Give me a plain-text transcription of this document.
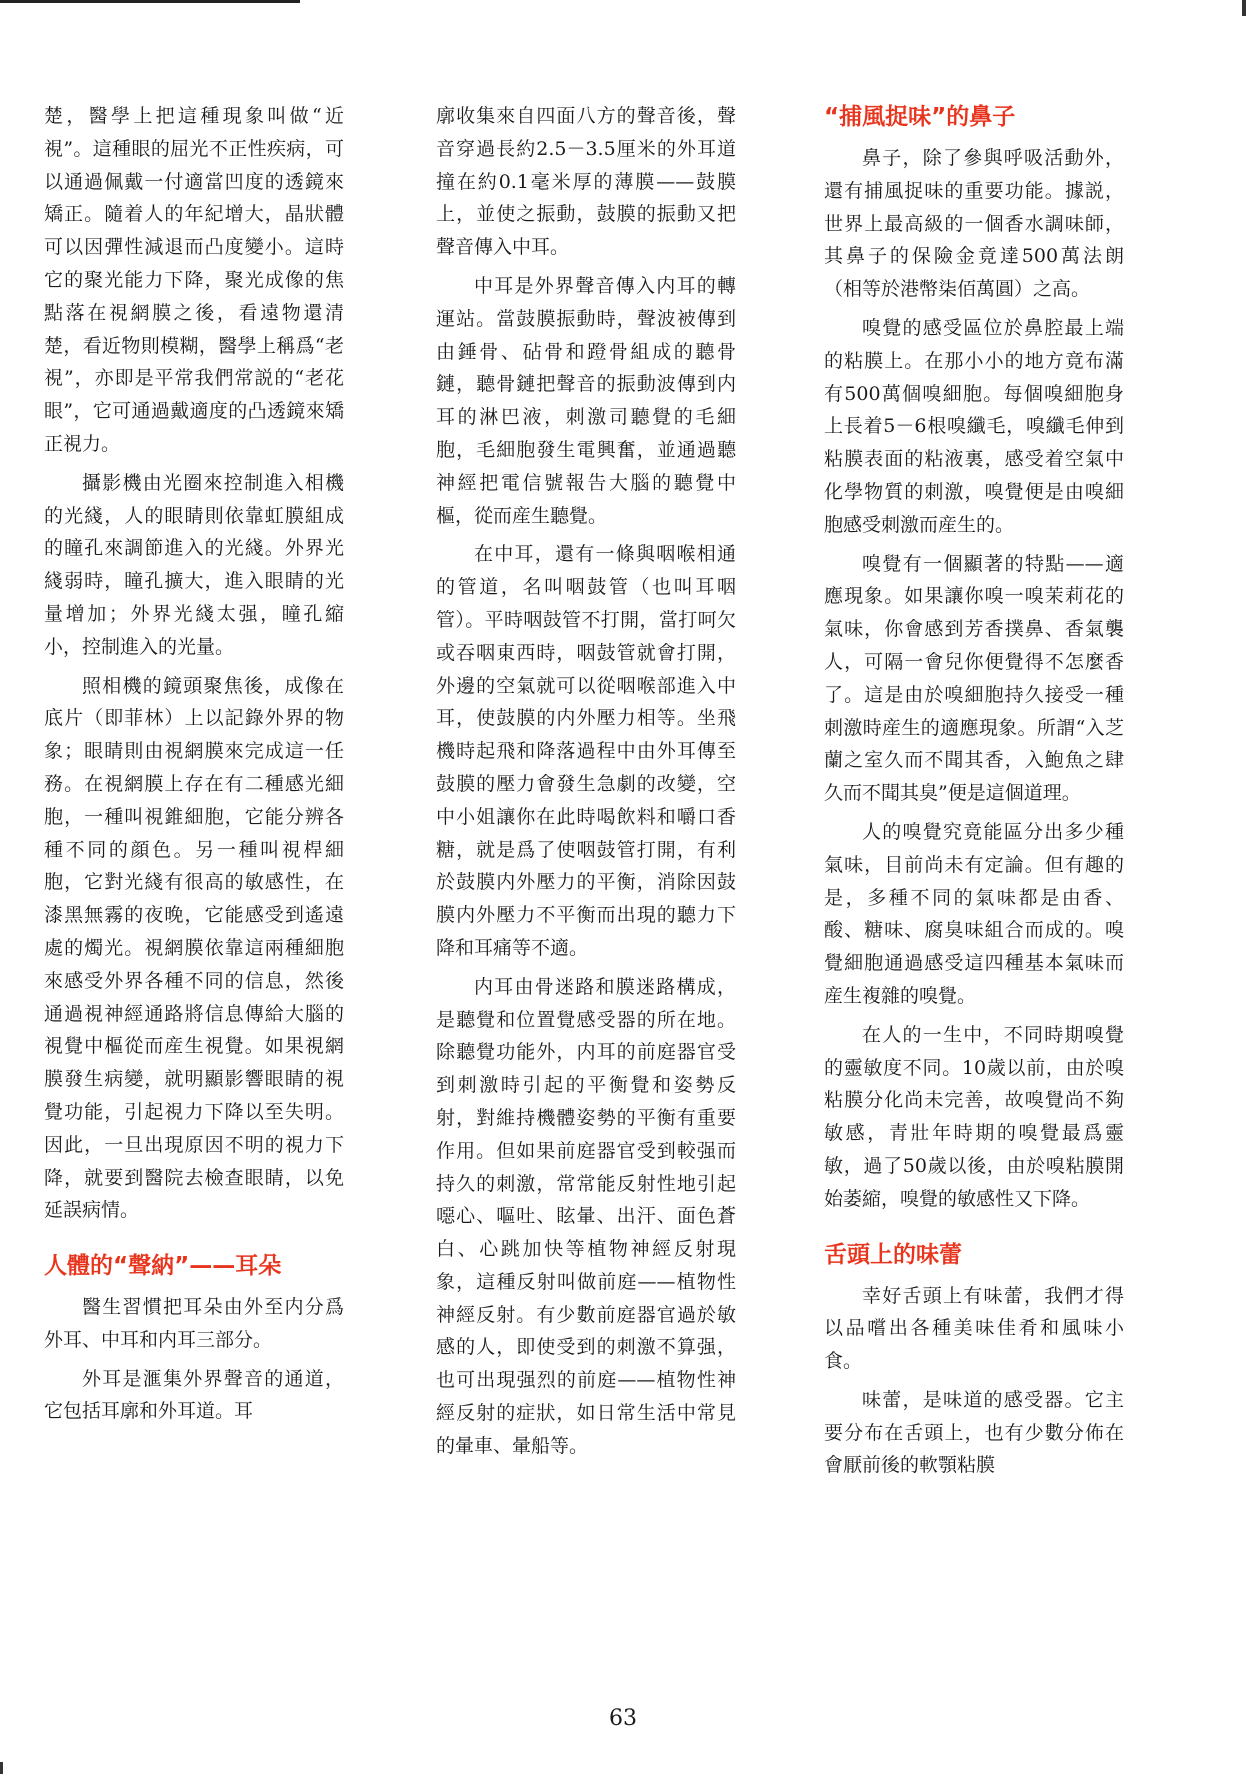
楚，醫學上把這種現象叫做“近視”。這種眼的屈光不正性疾病，可以通過佩戴一付適當凹度的透鏡來矯正。隨着人的年紀增大，晶狀體可以因彈性減退而凸度變小。這時它的聚光能力下降，聚光成像的焦點落在視網膜之後，看遠物還清楚，看近物則模糊，醫學上稱爲“老視”，亦即是平常我們常説的“老花眼”，它可通過戴適度的凸透鏡來矯正視力。

攝影機由光圈來控制進入相機的光綫，人的眼睛則依靠虹膜組成的瞳孔來調節進入的光綫。外界光綫弱時，瞳孔擴大，進入眼睛的光量增加；外界光綫太强，瞳孔縮小，控制進入的光量。

照相機的鏡頭聚焦後，成像在底片（即菲林）上以記錄外界的物象；眼睛則由視網膜來完成這一任務。在視網膜上存在有二種感光細胞，一種叫視錐細胞，它能分辨各種不同的顔色。另一種叫視桿細胞，它對光綫有很高的敏感性，在漆黑無霧的夜晚，它能感受到遙遠處的燭光。視網膜依靠這兩種細胞來感受外界各種不同的信息，然後通過視神經通路將信息傳給大腦的視覺中樞從而産生視覺。如果視網膜發生病變，就明顯影響眼睛的視覺功能，引起視力下降以至失明。因此，一旦出現原因不明的視力下降，就要到醫院去檢查眼睛，以免延誤病情。

人體的“聲納”——耳朵

醫生習慣把耳朵由外至内分爲外耳、中耳和内耳三部分。

外耳是滙集外界聲音的通道，它包括耳廓和外耳道。耳

廓收集來自四面八方的聲音後，聲音穿過長約2.5－3.5厘米的外耳道撞在約0.1毫米厚的薄膜——鼓膜上，並使之振動，鼓膜的振動又把聲音傳入中耳。

中耳是外界聲音傳入内耳的轉運站。當鼓膜振動時，聲波被傳到由錘骨、砧骨和蹬骨組成的聽骨鏈，聽骨鏈把聲音的振動波傳到内耳的淋巴液，刺激司聽覺的毛細胞，毛細胞發生電興奮，並通過聽神經把電信號報告大腦的聽覺中樞，從而産生聽覺。

在中耳，還有一條與咽喉相通的管道，名叫咽鼓管（也叫耳咽管）。平時咽鼓管不打開，當打呵欠或吞咽東西時，咽鼓管就會打開，外邊的空氣就可以從咽喉部進入中耳，使鼓膜的内外壓力相等。坐飛機時起飛和降落過程中由外耳傳至鼓膜的壓力會發生急劇的改變，空中小姐讓你在此時喝飲料和嚼口香糖，就是爲了使咽鼓管打開，有利於鼓膜内外壓力的平衡，消除因鼓膜内外壓力不平衡而出現的聽力下降和耳痛等不適。

内耳由骨迷路和膜迷路構成，是聽覺和位置覺感受器的所在地。除聽覺功能外，内耳的前庭器官受到刺激時引起的平衡覺和姿勢反射，對維持機體姿勢的平衡有重要作用。但如果前庭器官受到較强而持久的刺激，常常能反射性地引起噁心、嘔吐、眩暈、出汗、面色蒼白、心跳加快等植物神經反射現象，這種反射叫做前庭——植物性神經反射。有少數前庭器官過於敏感的人，即使受到的刺激不算强，也可出現强烈的前庭——植物性神經反射的症狀，如日常生活中常見的暈車、暈船等。

“捕風捉味”的鼻子

鼻子，除了參與呼吸活動外，還有捕風捉味的重要功能。據説，世界上最高級的一個香水調味師，其鼻子的保險金竟達500萬法朗（相等於港幣柒佰萬圓）之高。

嗅覺的感受區位於鼻腔最上端的粘膜上。在那小小的地方竟布滿有500萬個嗅細胞。每個嗅細胞身上長着5－6根嗅纖毛，嗅纖毛伸到粘膜表面的粘液裏，感受着空氣中化學物質的刺激，嗅覺便是由嗅細胞感受刺激而産生的。

嗅覺有一個顯著的特點——適應現象。如果讓你嗅一嗅茉莉花的氣味，你會感到芳香撲鼻、香氣襲人，可隔一會兒你便覺得不怎麼香了。這是由於嗅細胞持久接受一種刺激時産生的適應現象。所謂“入芝蘭之室久而不聞其香，入鮑魚之肆久而不聞其臭”便是這個道理。

人的嗅覺究竟能區分出多少種氣味，目前尚未有定論。但有趣的是，多種不同的氣味都是由香、酸、糖味、腐臭味組合而成的。嗅覺細胞通過感受這四種基本氣味而産生複雜的嗅覺。

在人的一生中，不同時期嗅覺的靈敏度不同。10歲以前，由於嗅粘膜分化尚未完善，故嗅覺尚不夠敏感，青壯年時期的嗅覺最爲靈敏，過了50歲以後，由於嗅粘膜開始萎縮，嗅覺的敏感性又下降。

舌頭上的味蕾

幸好舌頭上有味蕾，我們才得以品嚐出各種美味佳肴和風味小食。

味蕾，是味道的感受器。它主要分布在舌頭上，也有少數分佈在會厭前後的軟顎粘膜

63
